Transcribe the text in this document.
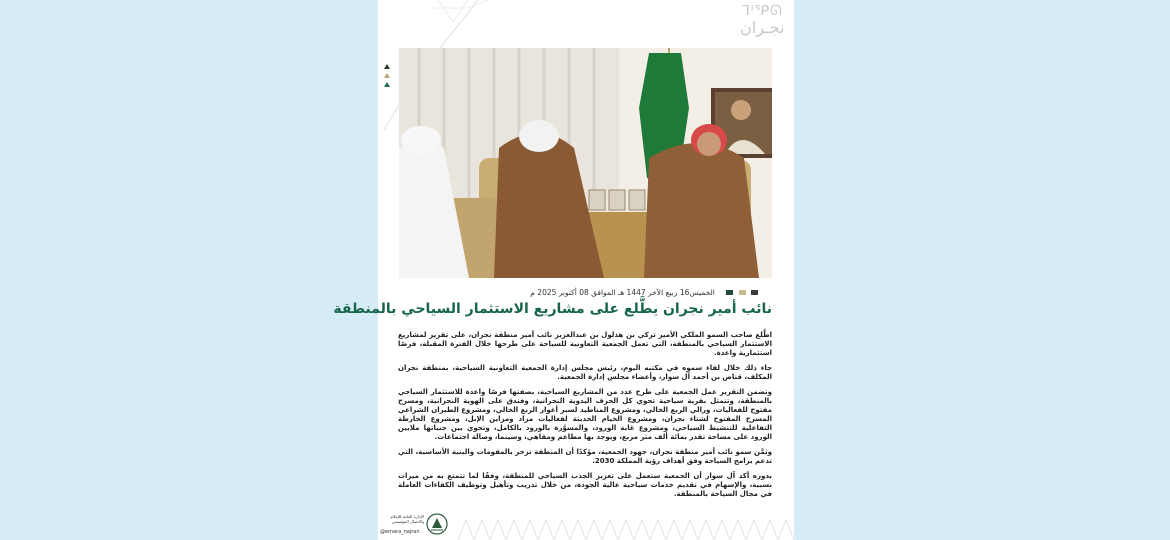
ᒣᑊᕿᘏ
نجـران
الخميس16 ربيع الآخر 1447 هـ الموافق 08 أكتوبر 2025 م
نائب أمير نجران يطَّلع على مشاريع الاستثمار السياحي بالمنطقة

اطَّلع صاحب السمو الملكي الأمير تركي بن هذلول بن عبدالعزيز نائب أمير منطقة نجران، على تقرير لمشاريع الاستثمار السياحي بالمنطقة، التي تعمل الجمعية التعاونية للسياحة على طرحها خلال الفترة المقبلة، فرصًا استثمارية واعدة.

جاء ذلك خلال لقاء سموه في مكتبه اليوم، رئيس مجلس إدارة الجمعية التعاونية السياحية، بمنطقة نجران المكلف، قناص بن أحمد آل سوار، وأعضاء مجلس إدارة الجمعية.

وتضمن التقرير عمل الجمعية على طرح عدد من المشاريع السياحية، بصفتها فرصًا واعدة للاستثمار السياحي بالمنطقة، وتتمثل بقرية سياحية تحوي كل الحرف اليدوية النجرانية، وفندق على الهوية النجرانية، ومسرح مفتوح للفعاليات، ورالي الربع الخالي، ومشروع المناطيد لسبر أغوار الربع الخالي، ومشروع الطيران الشراعي المسرح المفتوح لشتاء نجران، ومشروع الخيام الحديثة لفعاليات مزاد ومزاين الإبل، ومشروع الخارطة التفاعلية للتنشيط السياحي، ومشروع غابة الورود، والمسوَّرة بالورود بالكامل، وتحوي بين جنباتها ملايين الورود على مساحة تقدر بمائة ألف متر مربع، ويوجد بها مطاعم ومقاهي، وسينما، وصالة اجتماعات.

وثمَّن سمو نائب أمير منطقة نجران، جهود الجمعية، مؤكدًا أن المنطقة تزخر بالمقومات والبنية الأساسية، التي تدعم برامج السياحة وفق أهداف رؤية المملكة 2030.

بدوره أكد آل سوار أن الجمعية ستعمل على تعزيز الجذب السياحي للمنطقة، وفقًا لما تتمتع به من ميزات نسبية، والإسهام في تقديم خدمات سياحية عالية الجودة، من خلال تدريب وتأهيل وتوظيف الكفاءات العاملة في مجال السياحة بالمنطقة.

الإدارة العامة للإعلام والاتصال المؤسسي
@emara_najran
